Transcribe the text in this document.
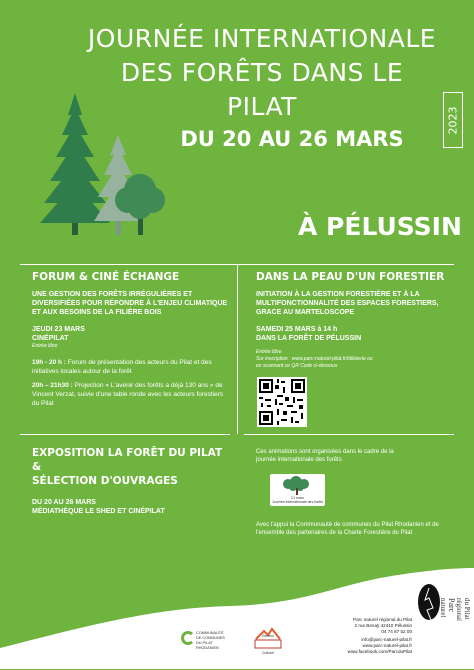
JOURNÉE INTERNATIONALE
DES FORÊTS DANS LE PILAT
DU 20 AU 26 MARS
2023
À PÉLUSSIN
FORUM & CINÉ ÉCHANGE
UNE GESTION DES FORÊTS IRRÉGULIÈRES ET DIVERSIFIÉES POUR RÉPONDRE À L'ENJEU CLIMATIQUE ET AUX BESOINS DE LA FILIÈRE BOIS
JEUDI 23 MARS
CINÉPILAT
Entrée libre
19h - 20 h : Forum de présentation des acteurs du Pilat et des initiatives locales autour de la forêt
20h – 21h30 : Projection « L'avenir des forêts a déjà 130 ans » de Vincent Verzat, suivie d'une table ronde avec les acteurs forestiers du Pilat
DANS LA PEAU D'UN FORESTIER
INITIATION À LA GESTION FORESTIÈRE ET À LA MULTIFONCTIONNALITÉ DES ESPACES FORESTIERS, GRACE AU MARTELOSCOPE
SAMEDI 25 MARS à 14 h
DANS LA FORÊT DE PÉLUSSIN
Entrée libre
Sur inscription : www.parc-naturel-pilat.fr/billeterie ou en scannant ce QR Code ci-dessous
EXPOSITION LA FORÊT DU PILAT
&
SÉLECTION D'OUVRAGES
DU 20 AU 26 MARS
MÉDIATHÈQUE LE SHED ET CINÉPILAT
Ces animations sont organisées dans le cadre de la journée internationale des forêts
21 mars
Journée internationale des forêts
Avec l'appui la Communauté de communes du Pilat Rhodanien et de l'ensemble des partenaires de la Charte Forestière du Pilat
COMMUNAUTÉ DE COMMUNES DU PILAT RHODANIEN
Genevo
Culturel
Parc naturel régional du Pilat
2 rue Benaÿ 42410 Pélussin
04 74 87 52 00
info@parc-naturel-pilat.fr
www.parc-naturel-pilat.fr
www.facebook.com/ParcduPilat
Parc
naturel régional du Pilat
